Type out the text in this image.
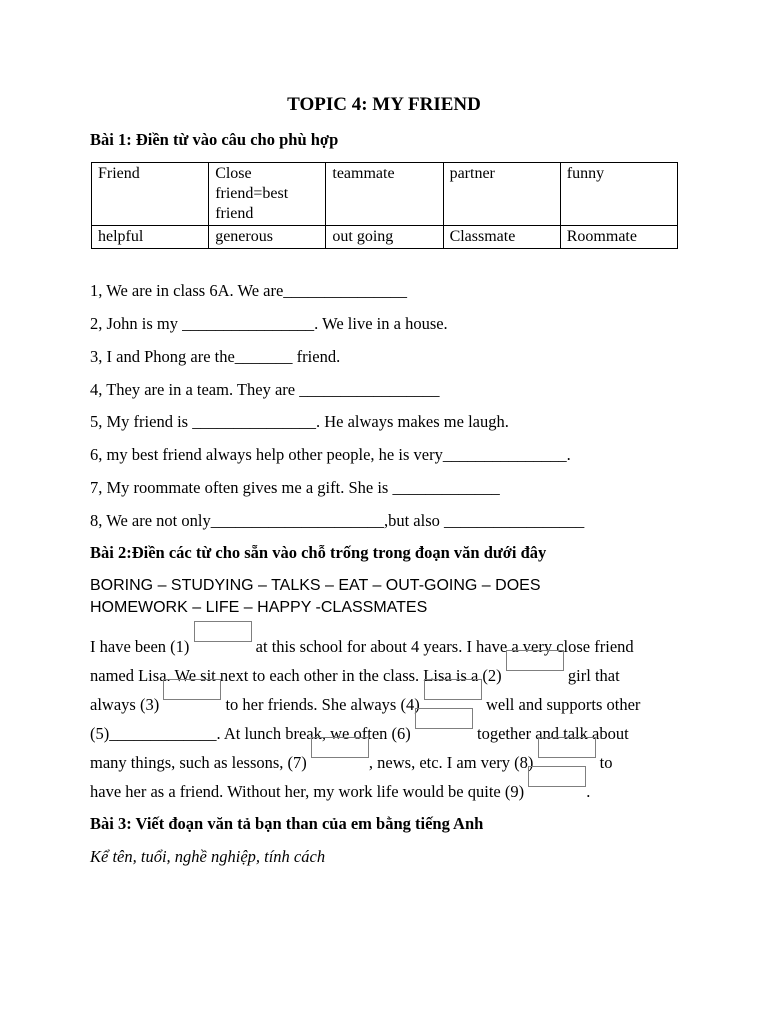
TOPIC 4: MY FRIEND
Bài 1: Điền từ vào câu cho phù hợp
Friend	Close friend=best friend	teammate	partner	funny
helpful	generous	out going	Classmate	Roommate
1, We are in class 6A. We are_______________
2, John is my ________________. We live in a house.
3, I and Phong are the_______ friend.
4, They are in a team. They are _________________
5, My friend is _______________. He always makes me laugh.
6, my best friend always help other people, he is very_______________.
7, My roommate often gives me a gift. She is _____________
8, We are not only_____________________,but also _________________
Bài 2:Điền các từ cho sẵn vào chỗ trống trong đoạn văn dưới đây
BORING – STUDYING – TALKS – EAT – OUT-GOING – DOES
HOMEWORK – LIFE – HAPPY -CLASSMATES
I have been (1)	at this school for about 4 years. I have a very close friend
named Lisa. We sit next to each other in the class. Lisa is a (2)	girl that
always (3)	to her friends. She always (4)	well and supports other
(5)_____________. At lunch break, we often (6)	together and talk about
many things, such as lessons, (7)	, news, etc. I am very (8)	to
have her as a friend. Without her, my work life would be quite (9)	.
Bài 3: Viết đoạn văn tả bạn than của em bằng tiếng Anh
Kể tên, tuổi, nghề nghiệp, tính cách
